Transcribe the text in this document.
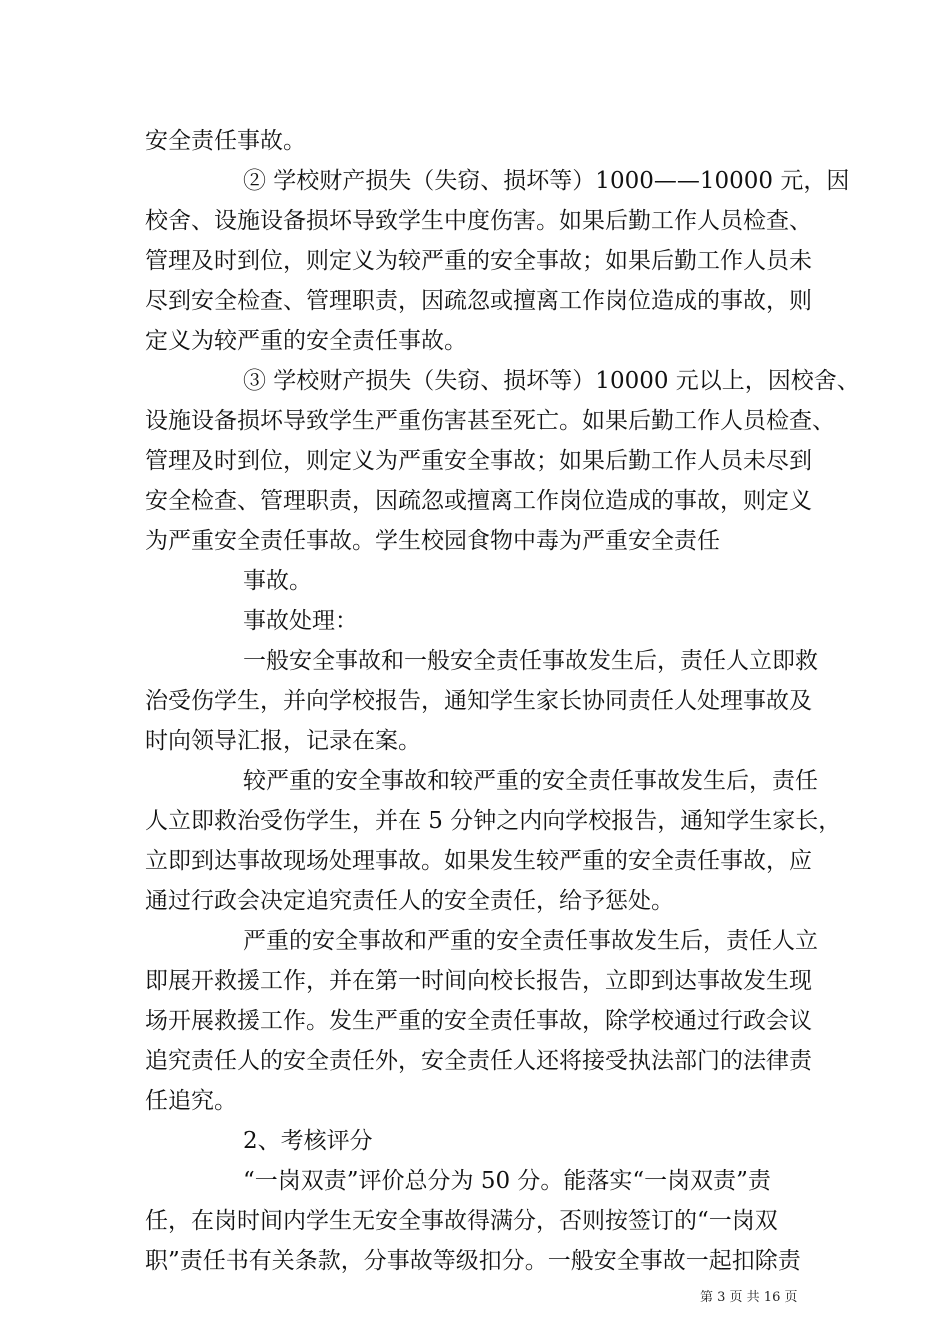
安全责任事故。
② 学校财产损失（失窃、损坏等）1000——10000 元，因
校舍、设施设备损坏导致学生中度伤害。如果后勤工作人员检查、
管理及时到位，则定义为较严重的安全事故；如果后勤工作人员未
尽到安全检查、管理职责，因疏忽或擅离工作岗位造成的事故，则
定义为较严重的安全责任事故。
③ 学校财产损失（失窃、损坏等）10000 元以上，因校舍、
设施设备损坏导致学生严重伤害甚至死亡。如果后勤工作人员检查、
管理及时到位，则定义为严重安全事故；如果后勤工作人员未尽到
安全检查、管理职责，因疏忽或擅离工作岗位造成的事故，则定义
为严重安全责任事故。学生校园食物中毒为严重安全责任
事故。
事故处理：
一般安全事故和一般安全责任事故发生后，责任人立即救
治受伤学生，并向学校报告，通知学生家长协同责任人处理事故及
时向领导汇报，记录在案。
较严重的安全事故和较严重的安全责任事故发生后，责任
人立即救治受伤学生，并在 5 分钟之内向学校报告，通知学生家长，
立即到达事故现场处理事故。如果发生较严重的安全责任事故，应
通过行政会决定追究责任人的安全责任，给予惩处。
严重的安全事故和严重的安全责任事故发生后，责任人立
即展开救援工作，并在第一时间向校长报告，立即到达事故发生现
场开展救援工作。发生严重的安全责任事故，除学校通过行政会议
追究责任人的安全责任外，安全责任人还将接受执法部门的法律责
任追究。
2、考核评分
“一岗双责”评价总分为 50 分。能落实“一岗双责”责
任，在岗时间内学生无安全事故得满分，否则按签订的“一岗双
职”责任书有关条款，分事故等级扣分。一般安全事故一起扣除责
第 3 页 共 16 页
